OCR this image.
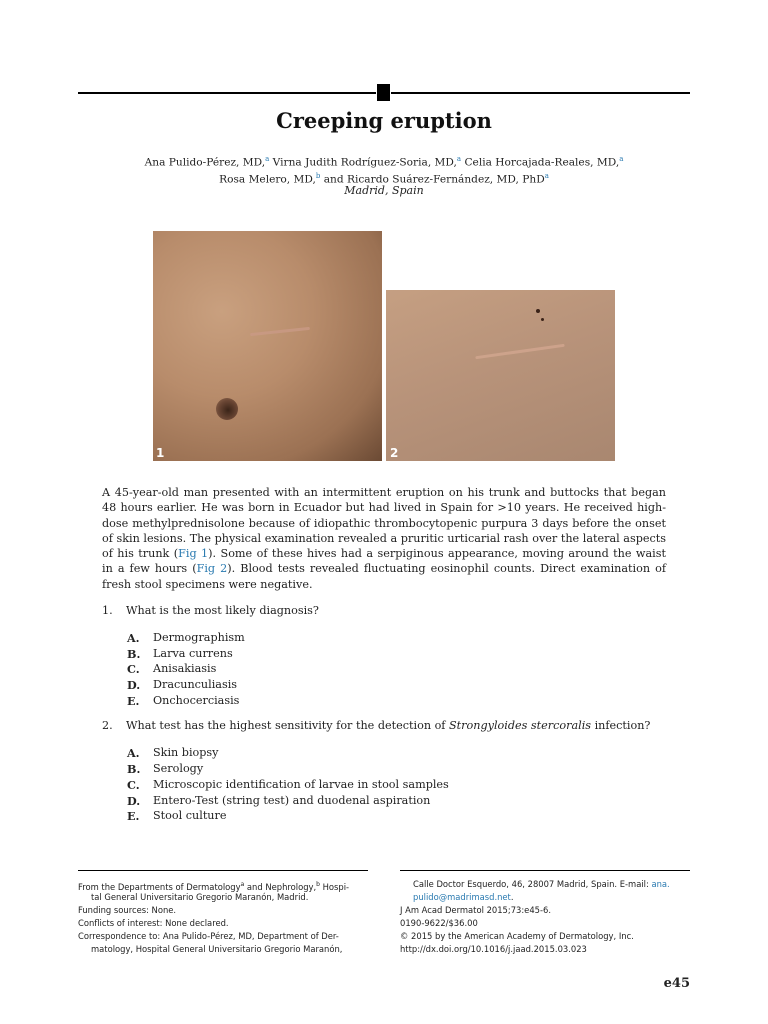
Creeping eruption
Ana Pulido-Pérez, MD,$^a$ Virna Judith Rodríguez-Soria, MD,$^a$ Celia Horcajada-Reales, MD,$^a$
Rosa Melero, MD,$^b$ and Ricardo Suárez-Fernández, MD, PhD$^a$
Madrid, Spain
1	2
A 45-year-old man presented with an intermittent eruption on his trunk and buttocks that began 48 hours earlier. He was born in Ecuador but had lived in Spain for >10 years. He received high-dose methylprednisolone because of idiopathic thrombocytopenic purpura 3 days before the onset of skin lesions. The physical examination revealed a pruritic urticarial rash over the lateral aspects of his trunk (Fig 1). Some of these hives had a serpiginous appearance, moving around the waist in a few hours (Fig 2). Blood tests revealed fluctuating eosinophil counts. Direct examination of fresh stool specimens were negative.
1. What is the most likely diagnosis?
A. Dermographism
B. Larva currens
C. Anisakiasis
D. Dracunculiasis
E. Onchocerciasis
2. What test has the highest sensitivity for the detection of Strongyloides stercoralis infection?
A. Skin biopsy
B. Serology
C. Microscopic identification of larvae in stool samples
D. Entero-Test (string test) and duodenal aspiration
E. Stool culture
From the Departments of Dermatology$^a$ and Nephrology,$^b$ Hospi-
tal General Universitario Gregorio Maranón, Madrid.
Funding sources: None.
Conflicts of interest: None declared.
Correspondence to: Ana Pulido-Pérez, MD, Department of Der-
matology, Hospital General Universitario Gregorio Maranón,
Calle Doctor Esquerdo, 46, 28007 Madrid, Spain. E-mail: ana.
pulido@madrimasd.net.
J Am Acad Dermatol 2015;73:e45-6.
0190-9622/$36.00
© 2015 by the American Academy of Dermatology, Inc.
http://dx.doi.org/10.1016/j.jaad.2015.03.023
e45
